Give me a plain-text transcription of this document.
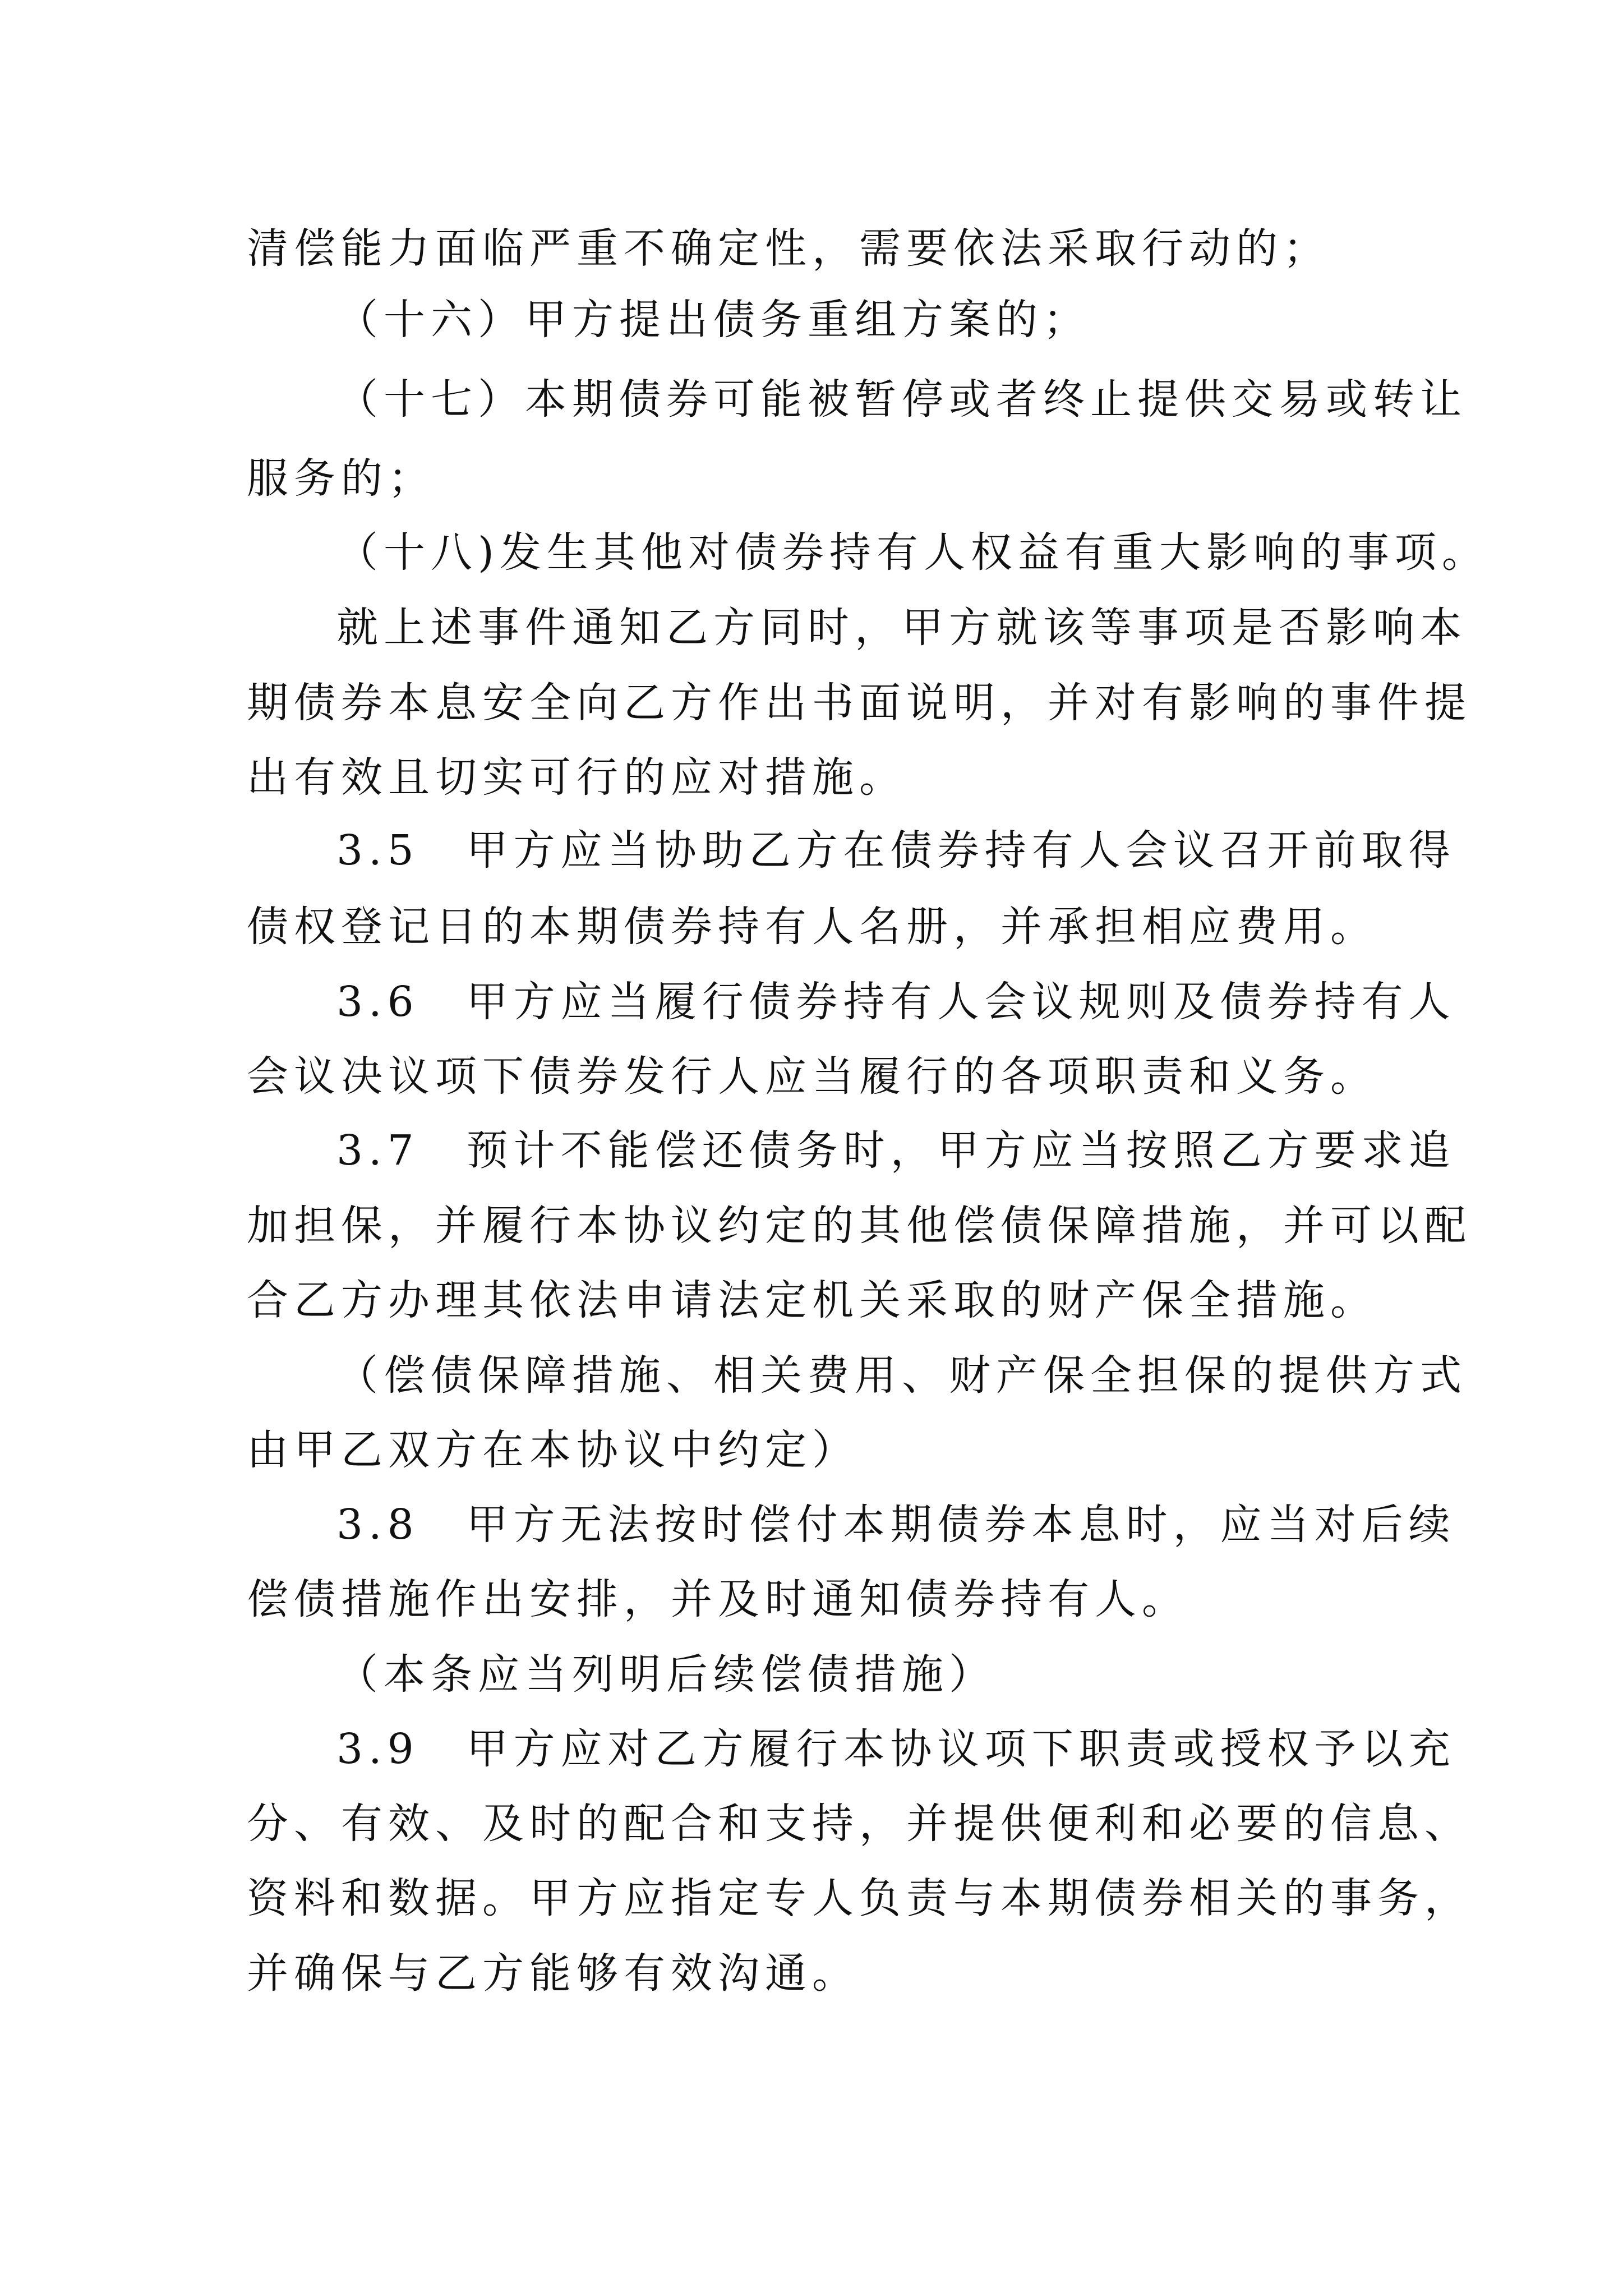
清偿能力面临严重不确定性，需要依法采取行动的；
（十六）甲方提出债务重组方案的；
（十七）本期债券可能被暂停或者终止提供交易或转让
服务的；
（十八)发生其他对债券持有人权益有重大影响的事项。
就上述事件通知乙方同时，甲方就该等事项是否影响本
期债券本息安全向乙方作出书面说明，并对有影响的事件提
出有效且切实可行的应对措施。
3.5　甲方应当协助乙方在债券持有人会议召开前取得
债权登记日的本期债券持有人名册，并承担相应费用。
3.6　甲方应当履行债券持有人会议规则及债券持有人
会议决议项下债券发行人应当履行的各项职责和义务。
3.7　预计不能偿还债务时，甲方应当按照乙方要求追
加担保，并履行本协议约定的其他偿债保障措施，并可以配
合乙方办理其依法申请法定机关采取的财产保全措施。
（偿债保障措施、相关费用、财产保全担保的提供方式
由甲乙双方在本协议中约定）
3.8　甲方无法按时偿付本期债券本息时，应当对后续
偿债措施作出安排，并及时通知债券持有人。
（本条应当列明后续偿债措施）
3.9　甲方应对乙方履行本协议项下职责或授权予以充
分、有效、及时的配合和支持，并提供便利和必要的信息、
资料和数据。甲方应指定专人负责与本期债券相关的事务，
并确保与乙方能够有效沟通。
